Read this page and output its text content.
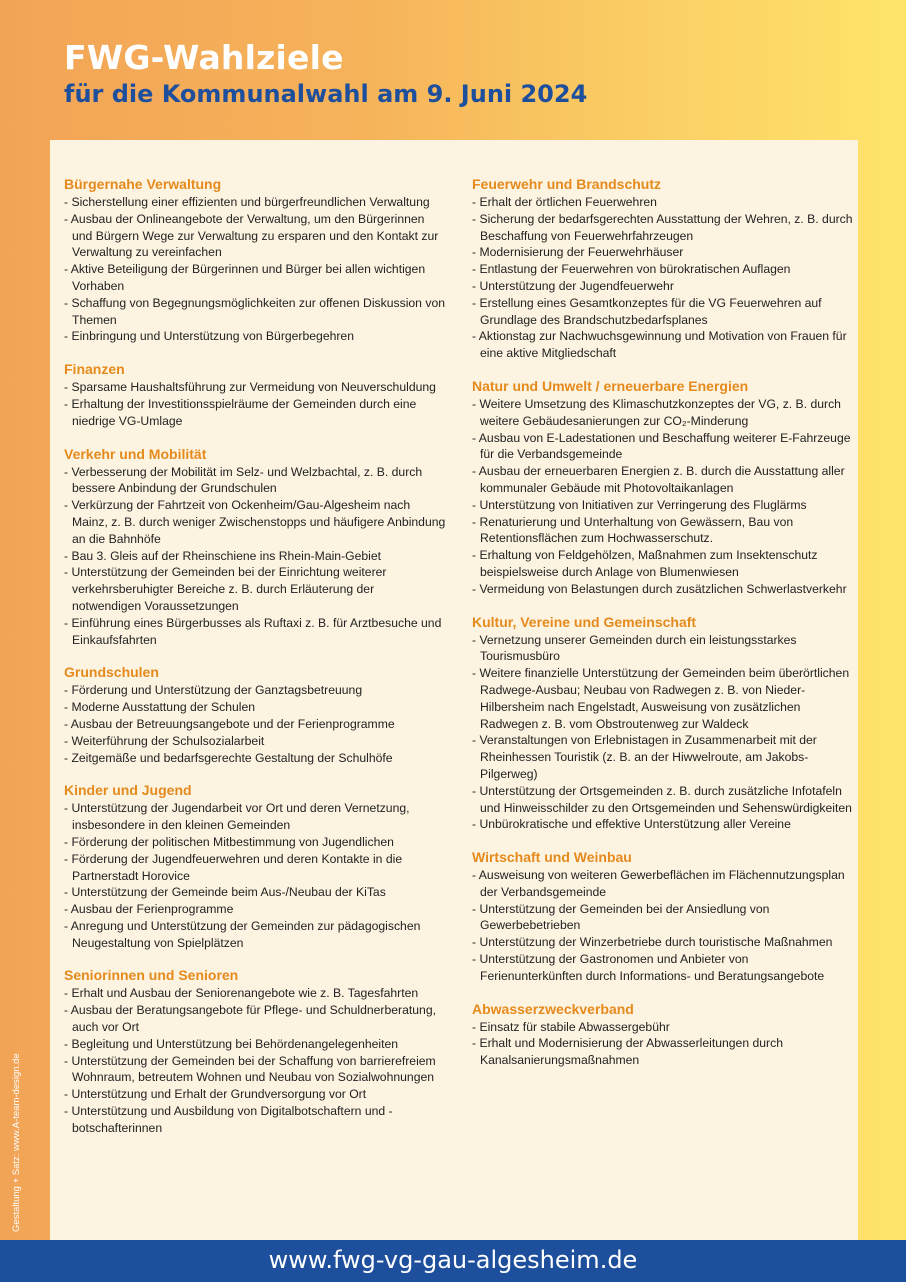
FWG-Wahlziele
für die Kommunalwahl am 9. Juni 2024
Bürgernahe Verwaltung
- Sicherstellung einer effizienten und bürgerfreundlichen Verwaltung
- Ausbau der Onlineangebote der Verwaltung, um den Bürgerinnen und Bürgern Wege zur Verwaltung zu ersparen und den Kontakt zur Verwaltung zu vereinfachen
- Aktive Beteiligung der Bürgerinnen und Bürger bei allen wichtigen Vorhaben
- Schaffung von Begegnungsmöglichkeiten zur offenen Diskussion von Themen
- Einbringung und Unterstützung von Bürgerbegehren
Finanzen
- Sparsame Haushaltsführung zur Vermeidung von Neuverschuldung
- Erhaltung der Investitionsspielräume der Gemeinden durch eine niedrige VG-Umlage
Verkehr und Mobilität
- Verbesserung der Mobilität im Selz- und Welzbachtal, z. B. durch bessere Anbindung der Grundschulen
- Verkürzung der Fahrtzeit von Ockenheim/Gau-Algesheim nach Mainz, z. B. durch weniger Zwischenstopps und häufigere Anbindung an die Bahnhöfe
- Bau 3. Gleis auf der Rheinschiene ins Rhein-Main-Gebiet
- Unterstützung der Gemeinden bei der Einrichtung weiterer verkehrsberuhigter Bereiche z. B. durch Erläuterung der notwendigen Voraussetzungen
- Einführung eines Bürgerbusses als Ruftaxi z. B. für Arztbesuche und Einkaufsfahrten
Grundschulen
- Förderung und Unterstützung der Ganztagsbetreuung
- Moderne Ausstattung der Schulen
- Ausbau der Betreuungsangebote und der Ferienprogramme
- Weiterführung der Schulsozialarbeit
- Zeitgemäße und bedarfsgerechte Gestaltung der Schulhöfe
Kinder und Jugend
- Unterstützung der Jugendarbeit vor Ort und deren Vernetzung, insbesondere in den kleinen Gemeinden
- Förderung der politischen Mitbestimmung von Jugendlichen
- Förderung der Jugendfeuerwehren und deren Kontakte in die Partnerstadt Horovice
- Unterstützung der Gemeinde beim Aus-/Neubau der KiTas
- Ausbau der Ferienprogramme
- Anregung und Unterstützung der Gemeinden zur pädagogischen Neugestaltung von Spielplätzen
Seniorinnen und Senioren
- Erhalt und Ausbau der Seniorenangebote wie z. B. Tagesfahrten
- Ausbau der Beratungsangebote für Pflege- und Schuldnerberatung, auch vor Ort
- Begleitung und Unterstützung bei Behördenangelegenheiten
- Unterstützung der Gemeinden bei der Schaffung von barrierefreiem Wohnraum, betreutem Wohnen und Neubau von Sozialwohnungen
- Unterstützung und Erhalt der Grundversorgung vor Ort
- Unterstützung und Ausbildung von Digitalbotschaftern und -botschafterinnen
Feuerwehr und Brandschutz
- Erhalt der örtlichen Feuerwehren
- Sicherung der bedarfsgerechten Ausstattung der Wehren, z. B. durch Beschaffung von Feuerwehrfahrzeugen
- Modernisierung der Feuerwehrhäuser
- Entlastung der Feuerwehren von bürokratischen Auflagen
- Unterstützung der Jugendfeuerwehr
- Erstellung eines Gesamtkonzeptes für die VG Feuerwehren auf Grundlage des Brandschutzbedarfsplanes
- Aktionstag zur Nachwuchsgewinnung und Motivation von Frauen für eine aktive Mitgliedschaft
Natur und Umwelt / erneuerbare Energien
- Weitere Umsetzung des Klimaschutzkonzeptes der VG, z. B. durch weitere Gebäudesanierungen zur CO₂-Minderung
- Ausbau von E-Ladestationen und Beschaffung weiterer E-Fahrzeuge für die Verbandsgemeinde
- Ausbau der erneuerbaren Energien z. B. durch die Ausstattung aller kommunaler Gebäude mit Photovoltaikanlagen
- Unterstützung von Initiativen zur Verringerung des Fluglärms
- Renaturierung und Unterhaltung von Gewässern, Bau von Retentionsflächen zum Hochwasserschutz.
- Erhaltung von Feldgehölzen, Maßnahmen zum Insektenschutz beispielsweise durch Anlage von Blumenwiesen
- Vermeidung von Belastungen durch zusätzlichen Schwerlastverkehr
Kultur, Vereine und Gemeinschaft
- Vernetzung unserer Gemeinden durch ein leistungsstarkes Tourismusbüro
- Weitere finanzielle Unterstützung der Gemeinden beim überörtlichen Radwege-Ausbau; Neubau von Radwegen z. B. von Nieder-Hilbersheim nach Engelstadt, Ausweisung von zusätzlichen Radwegen z. B. vom Obstroutenweg zur Waldeck
- Veranstaltungen von Erlebnistagen in Zusammenarbeit mit der Rheinhessen Touristik (z. B. an der Hiwwelroute, am Jakobs-Pilgerweg)
- Unterstützung der Ortsgemeinden z. B. durch zusätzliche Infotafeln und Hinweisschilder zu den Ortsgemeinden und Sehenswürdigkeiten
- Unbürokratische und effektive Unterstützung aller Vereine
Wirtschaft und Weinbau
- Ausweisung von weiteren Gewerbeflächen im Flächennutzungsplan der Verbandsgemeinde
- Unterstützung der Gemeinden bei der Ansiedlung von Gewerbebetrieben
- Unterstützung der Winzerbetriebe durch touristische Maßnahmen
- Unterstützung der Gastronomen und Anbieter von Ferienunterkünften durch Informations- und Beratungsangebote
Abwasserzweckverband
- Einsatz für stabile Abwassergebühr
- Erhalt und Modernisierung der Abwasserleitungen durch Kanalsanierungsmaßnahmen
Gestaltung + Satz: www.A-team-design.de
www.fwg-vg-gau-algesheim.de
